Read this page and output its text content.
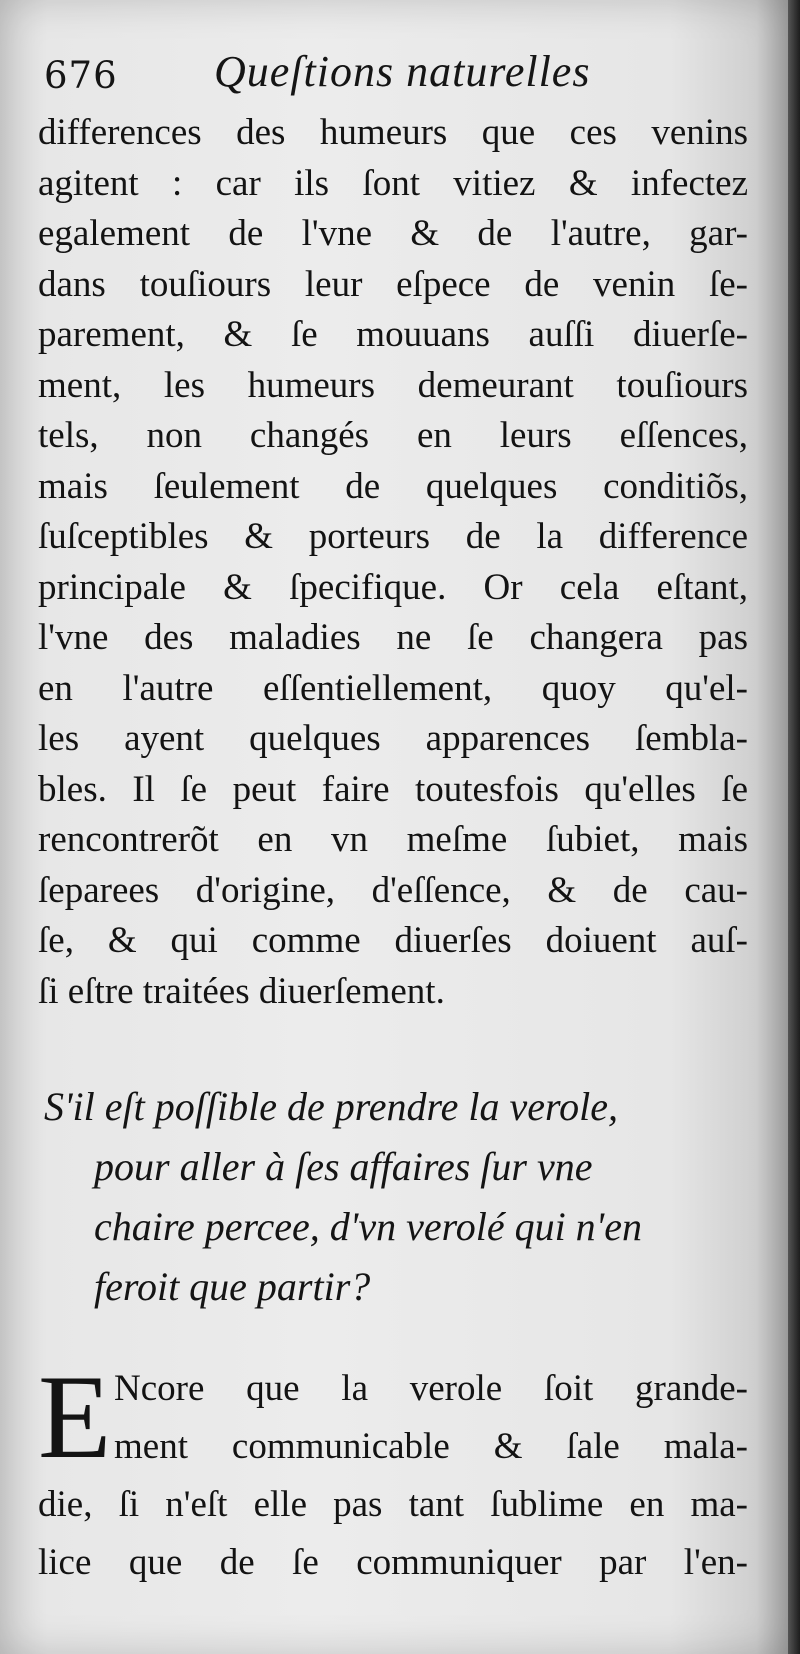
676 Queſtions naturelles
differences des humeurs que ces venins
agitent : car ils ſont vitiez & infectez
egalement de l'vne & de l'autre, gar-
dans touſiours leur eſpece de venin ſe-
parement, & ſe mouuans auſſi diuerſe-
ment, les humeurs demeurant touſiours
tels, non changés en leurs eſſences,
mais ſeulement de quelques conditiõs,
ſuſceptibles & porteurs de la difference
principale & ſpecifique. Or cela eſtant,
l'vne des maladies ne ſe changera pas
en l'autre eſſentiellement, quoy qu'el-
les ayent quelques apparences ſembla-
bles. Il ſe peut faire toutesfois qu'elles ſe
rencontrerõt en vn meſme ſubiet, mais
ſeparees d'origine, d'eſſence, & de cau-
ſe, & qui comme diuerſes doiuent auſ-
ſi eſtre traitées diuerſement.
S'il eſt poſſible de prendre la verole,
pour aller à ſes affaires ſur vne
chaire percee, d'vn verolé qui n'en
feroit que partir?
E Ncore que la verole ſoit grande-
ment communicable & ſale mala-
die, ſi n'eſt elle pas tant ſublime en ma-
lice que de ſe communiquer par l'en-
